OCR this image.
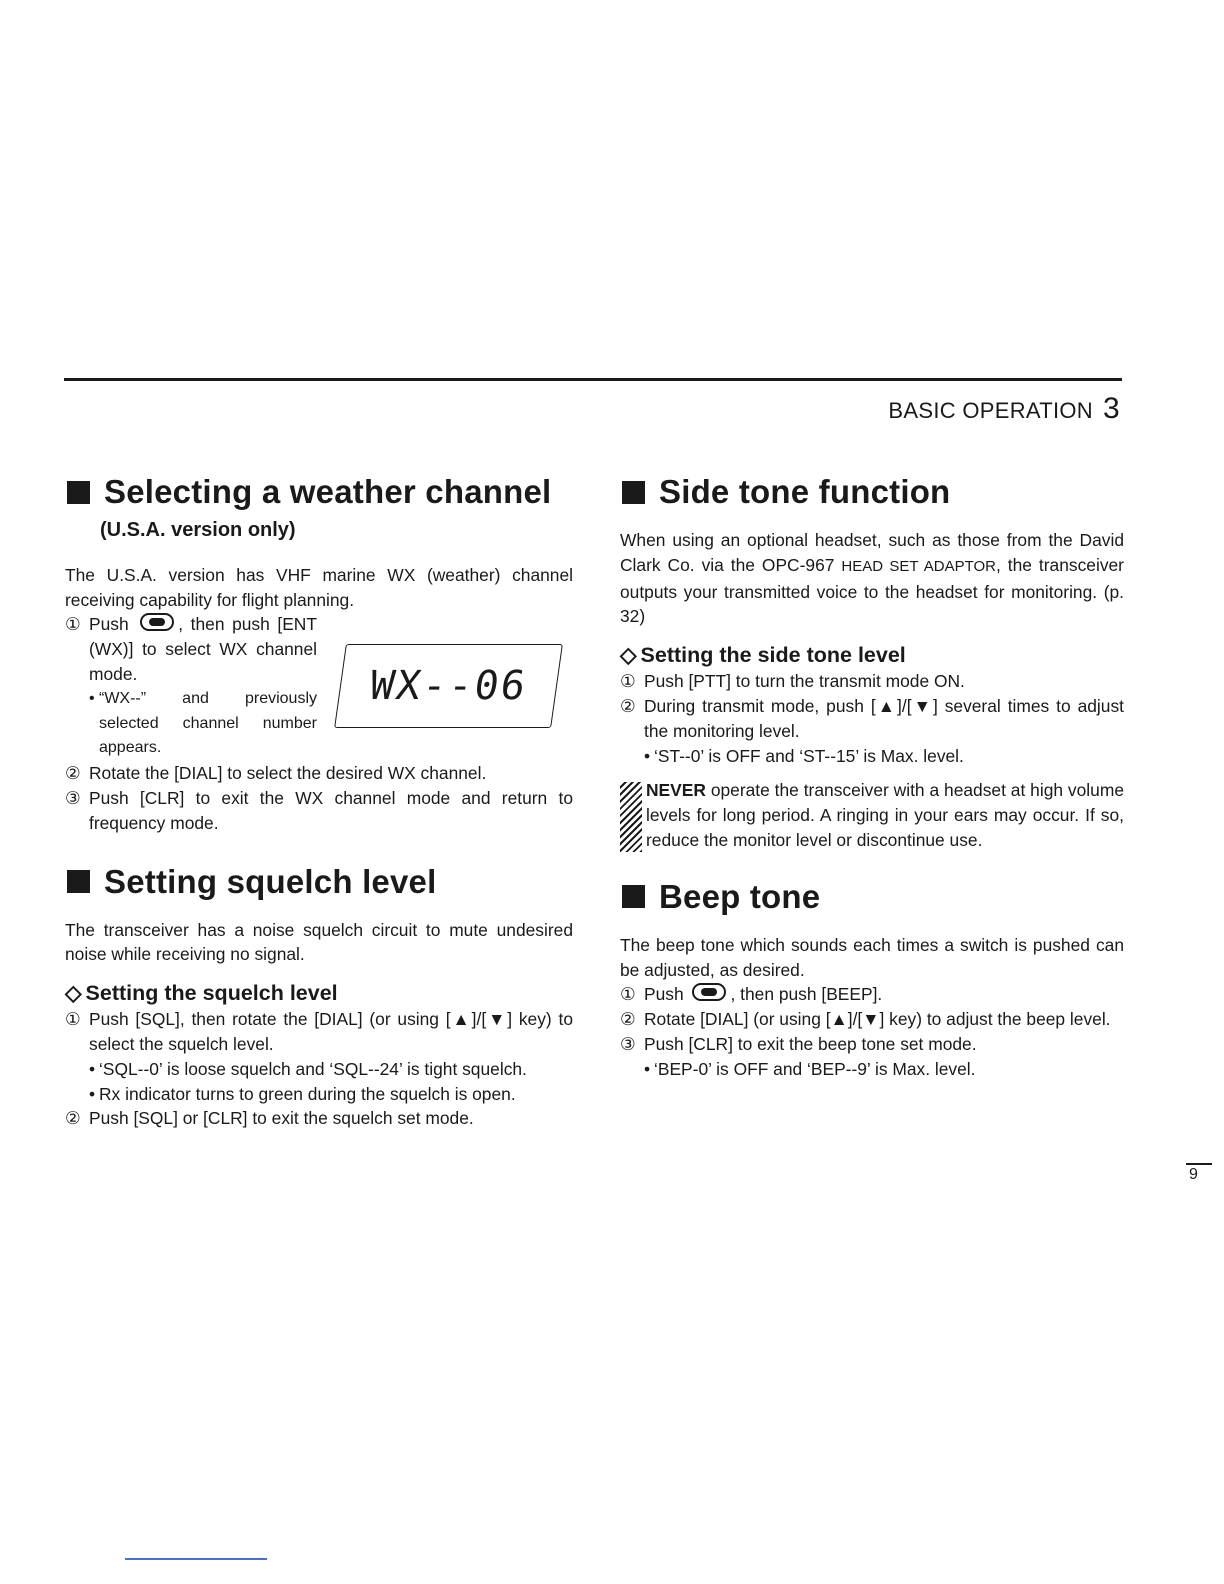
BASIC OPERATION 3
Selecting a weather channel
(U.S.A. version only)

The U.S.A. version has VHF marine WX (weather) channel receiving capability for flight planning.

① Push	, then push [ENT (WX)] to select WX channel mode.
• “WX--” and previously selected channel number appears.
WX--06
② Rotate the [DIAL] to select the desired WX channel.
③ Push [CLR] to exit the WX channel mode and return to frequency mode.
Setting squelch level

The transceiver has a noise squelch circuit to mute undesired noise while receiving no signal.

◇ Setting the squelch level
① Push [SQL], then rotate the [DIAL] (or using [▲]/[▼] key) to select the squelch level.
• ‘SQL--0’ is loose squelch and ‘SQL--24’ is tight squelch.
• Rx indicator turns to green during the squelch is open.
② Push [SQL] or [CLR] to exit the squelch set mode.
Side tone function

When using an optional headset, such as those from the David Clark Co. via the OPC-967 HEAD SET ADAPTOR, the transceiver outputs your transmitted voice to the headset for monitoring. (p. 32)

◇ Setting the side tone level
① Push [PTT] to turn the transmit mode ON.
② During transmit mode, push [▲]/[▼] several times to adjust the monitoring level.
• ‘ST--0’ is OFF and ‘ST--15’ is Max. level.
NEVER operate the transceiver with a headset at high volume levels for long period. A ringing in your ears may occur. If so, reduce the monitor level or discontinue use.
Beep tone

The beep tone which sounds each times a switch is pushed can be adjusted, as desired.

① Push	, then push [BEEP].
② Rotate [DIAL] (or using [▲]/[▼] key) to adjust the beep level.
③ Push [CLR] to exit the beep tone set mode.
• ‘BEP-0’ is OFF and ‘BEP--9’ is Max. level.
9
